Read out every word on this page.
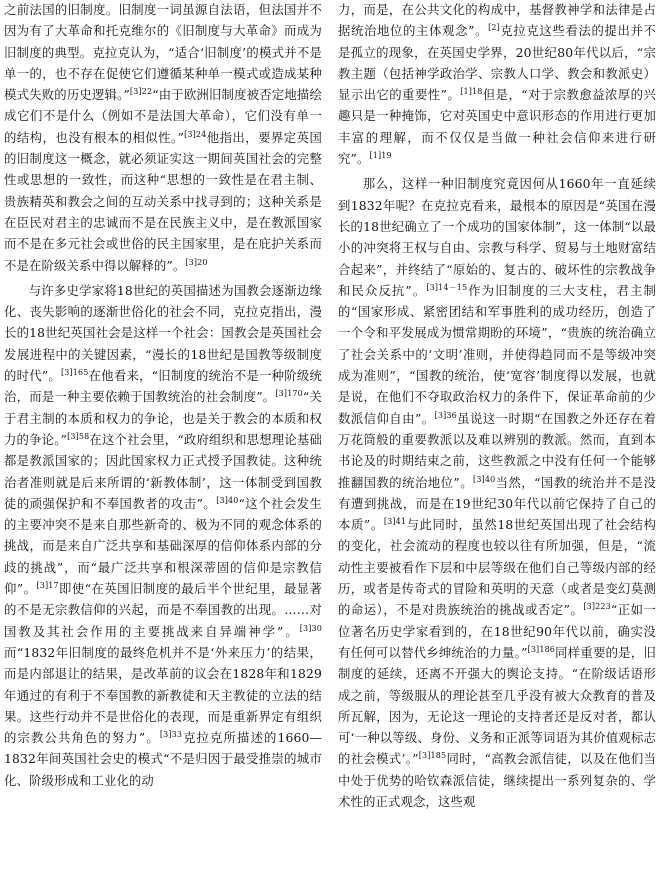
之前法国的旧制度。旧制度一词虽源自法语，但法国并不因为有了大革命和托克维尔的《旧制度与大革命》而成为旧制度的典型。克拉克认为，“适合‘旧制度’的模式并不是单一的，也不存在促使它们遵循某种单一模式或造成某种模式失败的历史逻辑。”$^{[3]22}$“由于欧洲旧制度被否定地描绘成它们不是什么（例如不是法国大革命），它们没有单一的结构，也没有根本的相似性。”$^{[3]24}$他指出，要界定英国的旧制度这一概念，就必须证实这一期间英国社会的完整性或思想的一致性，而这种“思想的一致性是在君主制、贵族精英和教会之间的互动关系中找寻到的；这种关系是在臣民对君主的忠诚而不是在民族主义中，是在教派国家而不是在多元社会或世俗的民主国家里，是在庇护关系而不是在阶级关系中得以解释的”。$^{[3]20}$

与许多史学家将18世纪的英国描述为国教会逐渐边缘化、丧失影响的逐渐世俗化的社会不同，克拉克指出，漫长的18世纪英国社会是这样一个社会：国教会是英国社会发展进程中的关键因素，“漫长的18世纪是国教等级制度的时代”。$^{[3]165}$在他看来，“旧制度的统治不是一种阶级统治，而是一种主要依赖于国教统治的社会制度”。$^{[3]170}$“关于君主制的本质和权力的争论，也是关于教会的本质和权力的争论。”$^{[3]58}$在这个社会里，“政府组织和思想理论基础都是教派国家的；因此国家权力正式授予国教徒。这种统治者准则就是后来所谓的‘新教体制’，这一体制受到国教徒的顽强保护和不奉国教者的攻击”。$^{[3]40}$“这个社会发生的主要冲突不是来自那些新奇的、极为不同的观念体系的挑战，而是来自广泛共享和基础深厚的信仰体系内部的分歧的挑战”，而“最广泛共享和根深蒂固的信仰是宗教信仰”。$^{[3]17}$即使“在英国旧制度的最后半个世纪里，最显著的不是无宗教信仰的兴起，而是不奉国教的出现。……对国教及其社会作用的主要挑战来自异端神学”。$^{[3]30}$而“1832年旧制度的最终危机并不是‘外来压力’的结果，而是内部退让的结果，是改革前的议会在1828年和1829年通过的有利于不奉国教的新教徒和天主教徒的立法的结果。这些行动并不是世俗化的表现，而是重新界定有组织的宗教公共角色的努力”。$^{[3]33}$克拉克所描述的1660—1832年间英国社会史的模式“不是归因于最受推崇的城市化、阶级形成和工业化的动

力，而是，在公共文化的构成中，基督教神学和法律是占据统治地位的主体观念”。[2]克拉克这些看法的提出并不是孤立的现象，在英国史学界，20世纪80年代以后，“宗教主题（包括神学政治学、宗教人口学、教会和教派史）显示出它的重要性”。$^{[1]18}$但是，“对于宗教愈益浓厚的兴趣只是一种掩饰，它对英国史中意识形态的作用进行更加丰富的理解，而不仅仅是当做一种社会信仰来进行研究”。$^{[1]19}$

那么，这样一种旧制度究竟因何从1660年一直延续到1832年呢？在克拉克看来，最根本的原因是“英国在漫长的18世纪确立了一个成功的国家体制”，这一体制“以最小的冲突将王权与自由、宗教与科学、贸易与土地财富结合起来”，并终结了“原始的、复古的、破坏性的宗教战争和民众反抗”。$^{[3]14-15}$作为旧制度的三大支柱，君主制的“国家形成、紧密团结和军事胜利的成功经历，创造了一个令和平发展成为惯常期盼的环境”，“贵族的统治确立了社会关系中的‘文明’准则，并使得趋同而不是等级冲突成为准则”，“国教的统治，使‘宽容’制度得以发展，也就是说，在他们不夺取政治权力的条件下，保证革命前的少数派信仰自由”。$^{[3]36}$虽说这一时期“在国教之外还存在着万花筒般的重要教派以及难以辨别的教派。然而，直到本书论及的时期结束之前，这些教派之中没有任何一个能够推翻国教的统治地位”。$^{[3]40}$当然，“国教的统治并不是没有遭到挑战，而是在19世纪30年代以前它保持了自己的本质”。$^{[3]41}$与此同时，虽然18世纪英国出现了社会结构的变化，社会流动的程度也较以往有所加强，但是，“流动性主要被看作下层和中层等级在他们自己等级内部的经历，或者是传奇式的冒险和英明的天意（或者是变幻莫测的命运），不是对贵族统治的挑战或否定”。$^{[3]223}$“正如一位著名历史学家看到的，在18世纪90年代以前，确实没有任何可以替代乡绅统治的力量。”$^{[3]186}$同样重要的是，旧制度的延续，还离不开强大的舆论支持。“在阶级话语形成之前，等级服从的理论甚至几乎没有被大众教育的普及所瓦解，因为，无论这一理论的支持者还是反对者，都认可‘一种以等级、身份、义务和正派等词语为其价值观标志的社会模式’。”$^{[3]185}$同时，“高教会派信徒，以及在他们当中处于优势的哈钦森派信徒，继续提出一系列复杂的、学术性的正式观念，这些观
